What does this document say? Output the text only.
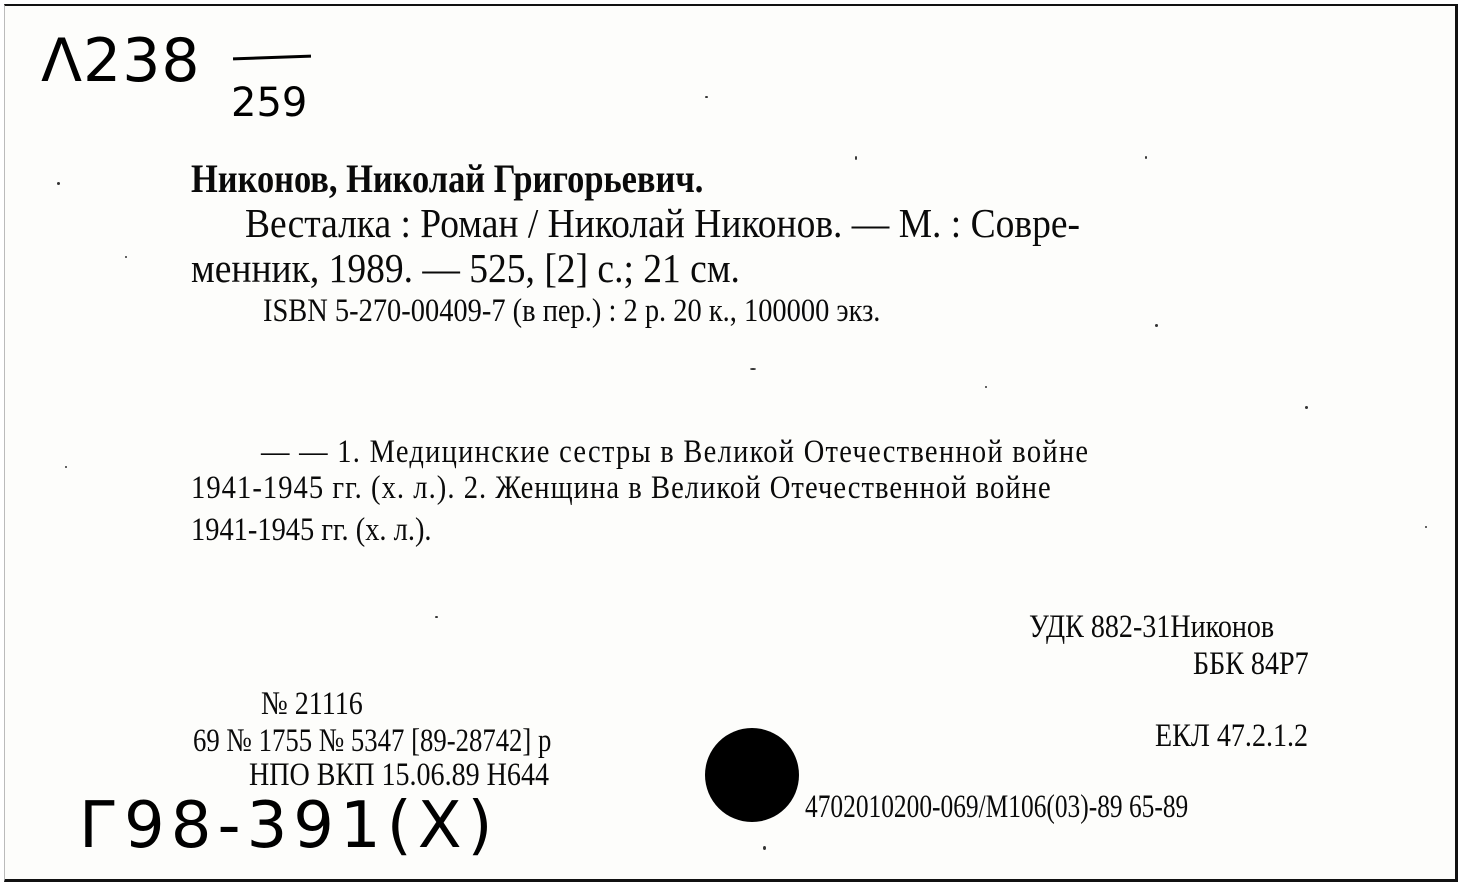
Λ238
259
Никонов, Николай Григорьевич.
Весталка : Роман / Николай Никонов. — М. : Совре-
менник, 1989. — 525, [2] с.; 21 см.
ISBN 5-270-00409-7 (в пер.) : 2 р. 20 к., 100000 экз.
— — 1. Медицинские сестры в Великой Отечественной войне
1941-1945 гг. (х. л.). 2. Женщина в Великой Отечественной войне
1941-1945 гг. (х. л.).
УДК 882-31Никонов
ББК 84Р7
ЕКЛ 47.2.1.2
4702010200-069/М106(03)-89 65-89
№ 21116
69 № 1755 № 5347 [89-28742] р
НПО ВКП 15.06.89 Н644
Г98-391(Х)
